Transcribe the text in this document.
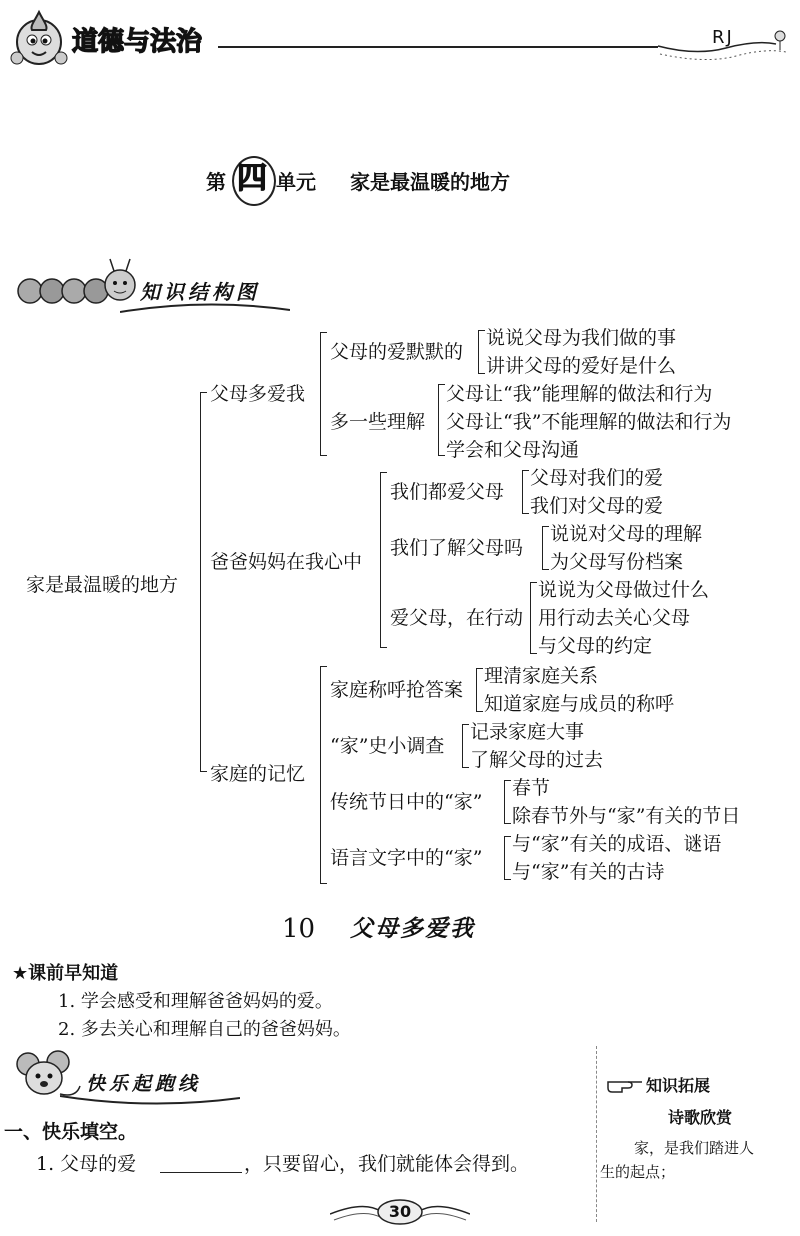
道德与法治	RJ
第 四 单元 家是最温暖的地方
知识结构图
家是最温暖的地方
父母多爱我
爸爸妈妈在我心中
家庭的记忆
父母的爱默默的
说说父母为我们做的事
讲讲父母的爱好是什么
多一些理解
父母让“我”能理解的做法和行为
父母让“我”不能理解的做法和行为
学会和父母沟通
我们都爱父母
父母对我们的爱
我们对父母的爱
我们了解父母吗
说说对父母的理解
为父母写份档案
爱父母，在行动
说说为父母做过什么
用行动去关心父母
与父母的约定
家庭称呼抢答案
理清家庭关系
知道家庭与成员的称呼
“家”史小调查
记录家庭大事
了解父母的过去
传统节日中的“家”
春节
除春节外与“家”有关的节日
语言文字中的“家”
与“家”有关的成语、谜语
与“家”有关的古诗
10 父母多爱我
★课前早知道
1. 学会感受和理解爸爸妈妈的爱。
2. 多去关心和理解自己的爸爸妈妈。
快乐起跑线
一、快乐填空。
1. 父母的爱	，只要留心，我们就能体会得到。
知识拓展
诗歌欣赏
家，是我们踏进人
生的起点；
30
